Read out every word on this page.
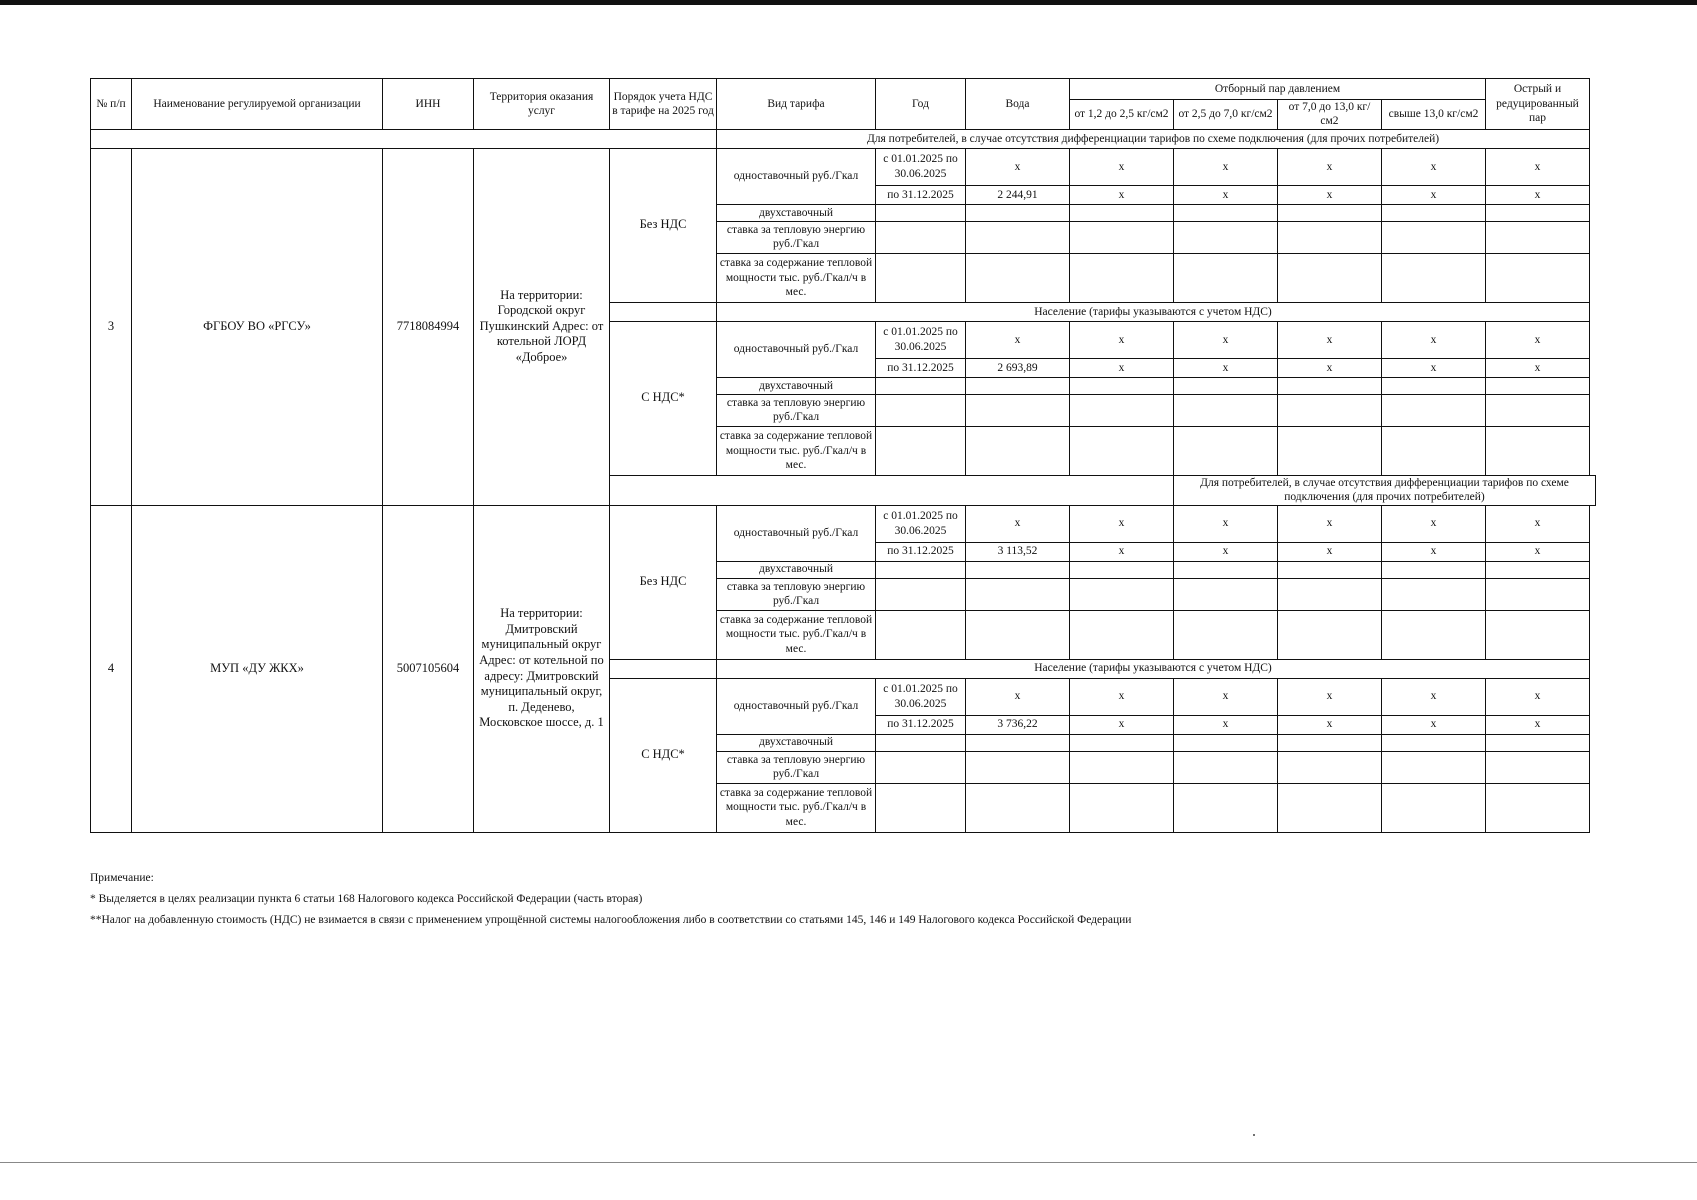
№ п/п	Наименование регулируемой организации	ИНН	Территория оказания услуг	Порядок учета НДС в тарифе на 2025 год	Вид тарифа	Год	Вода	Отборный пар давлением				Острый и редуцированный пар
								от 1,2 до 2,5 кг/см2	от 2,5 до 7,0 кг/см2	от 7,0 до 13,0 кг/см2	свыше 13,0 кг/см2	
					Для потребителей, в случае отсутствия дифференциации тарифов по схеме подключения (для прочих потребителей)							
3	ФГБОУ ВО «РГСУ»	7718084994	На территории: Городской округ Пушкинский Адрес: от котельной ЛОРД «Доброе»	Без НДС	одноставочный руб./Гкал	с 01.01.2025 по 30.06.2025	x	x	x	x	x	x
						по 31.12.2025	2 244,91	x	x	x	x	x
					двухставочный							
					ставка за тепловую энергию руб./Гкал							
					ставка за содержание тепловой мощности тыс. руб./Гкал/ч в мес.							
					Население (тарифы указываются с учетом НДС)							
				С НДС*	одноставочный руб./Гкал	с 01.01.2025 по 30.06.2025	x	x	x	x	x	x
						по 31.12.2025	2 693,89	x	x	x	x	x
					двухставочный							
					ставка за тепловую энергию руб./Гкал							
					ставка за содержание тепловой мощности тыс. руб./Гкал/ч в мес.							
									Для потребителей, в случае отсутствия дифференциации тарифов по схеме подключения (для прочих потребителей)			
4	МУП «ДУ ЖКХ»	5007105604	На территории: Дмитровский муниципальный округ Адрес: от котельной по адресу: Дмитровский муниципальный округ, п. Деденево, Московское шоссе, д. 1	Без НДС	одноставочный руб./Гкал	с 01.01.2025 по 30.06.2025	x	x	x	x	x	x
						по 31.12.2025	3 113,52	x	x	x	x	x
					двухставочный							
					ставка за тепловую энергию руб./Гкал							
					ставка за содержание тепловой мощности тыс. руб./Гкал/ч в мес.							
					Население (тарифы указываются с учетом НДС)							
				С НДС*	одноставочный руб./Гкал	с 01.01.2025 по 30.06.2025	x	x	x	x	x	x
						по 31.12.2025	3 736,22	x	x	x	x	x
					двухставочный							
					ставка за тепловую энергию руб./Гкал							
					ставка за содержание тепловой мощности тыс. руб./Гкал/ч в мес.							
Примечание:
* Выделяется в целях реализации пункта 6 статьи 168 Налогового кодекса Российской Федерации (часть вторая)
**Налог на добавленную стоимость (НДС) не взимается в связи с применением упрощённой системы налогообложения либо в соответствии со статьями 145, 146 и 149 Налогового кодекса Российской Федерации
